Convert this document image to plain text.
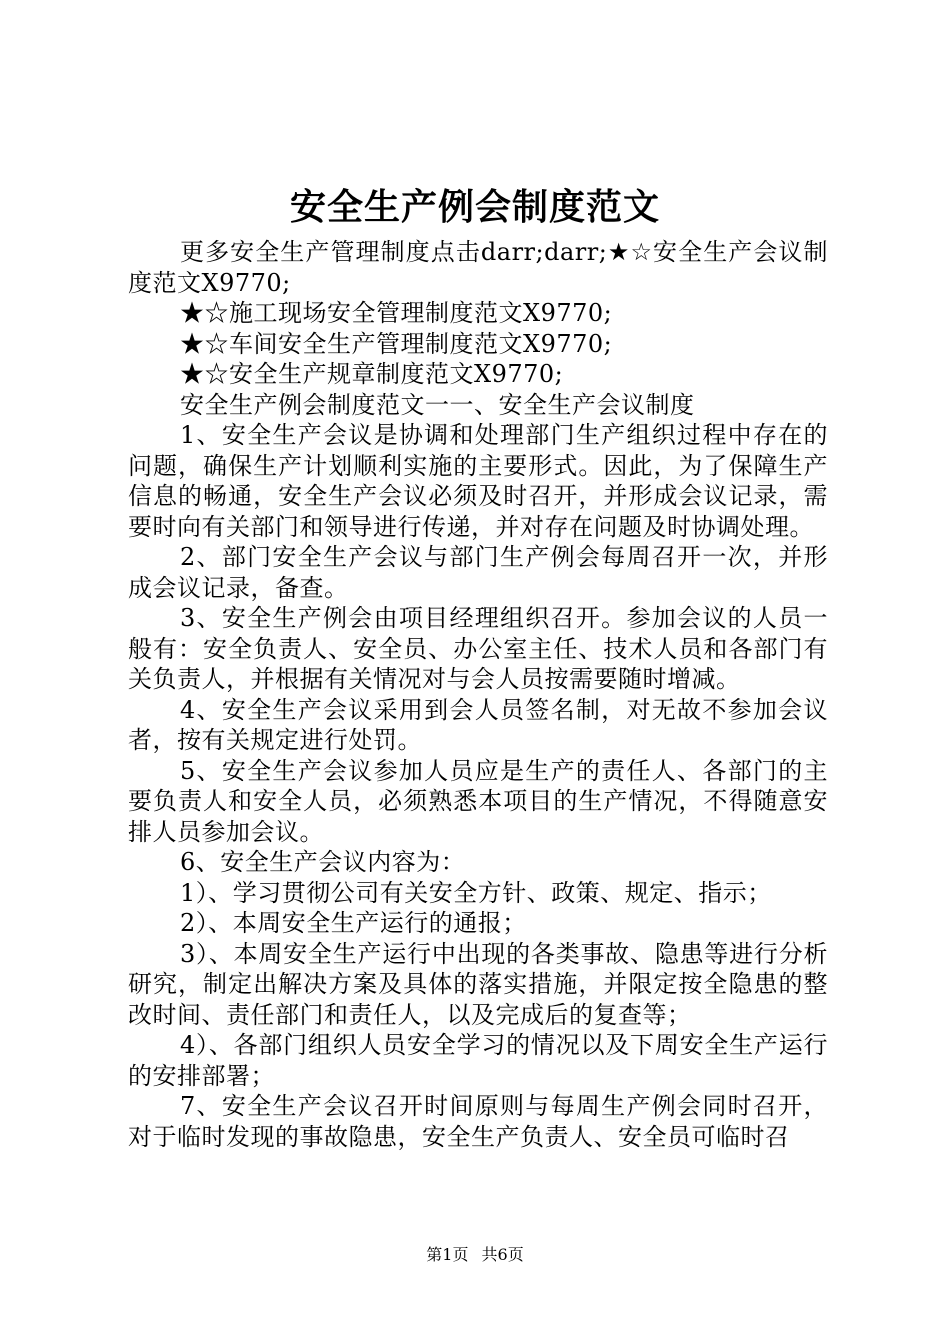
安全生产例会制度范文

更多安全生产管理制度点击darr;darr;★☆安全生产会议制度范文X9770;

★☆施工现场安全管理制度范文X9770;

★☆车间安全生产管理制度范文X9770;

★☆安全生产规章制度范文X9770;

安全生产例会制度范文一一、安全生产会议制度

1、安全生产会议是协调和处理部门生产组织过程中存在的问题，确保生产计划顺利实施的主要形式。因此，为了保障生产信息的畅通，安全生产会议必须及时召开，并形成会议记录，需要时向有关部门和领导进行传递，并对存在问题及时协调处理。

2、部门安全生产会议与部门生产例会每周召开一次，并形成会议记录，备查。

3、安全生产例会由项目经理组织召开。参加会议的人员一般有：安全负责人、安全员、办公室主任、技术人员和各部门有关负责人，并根据有关情况对与会人员按需要随时增减。

4、安全生产会议采用到会人员签名制，对无故不参加会议者，按有关规定进行处罚。

5、安全生产会议参加人员应是生产的责任人、各部门的主要负责人和安全人员，必须熟悉本项目的生产情况，不得随意安排人员参加会议。

6、安全生产会议内容为：

1）、学习贯彻公司有关安全方针、政策、规定、指示；

2）、本周安全生产运行的通报；

3）、本周安全生产运行中出现的各类事故、隐患等进行分析研究，制定出解决方案及具体的落实措施，并限定按全隐患的整改时间、责任部门和责任人，以及完成后的复查等；

4）、各部门组织人员安全学习的情况以及下周安全生产运行的安排部署；

7、安全生产会议召开时间原则与每周生产例会同时召开，对于临时发现的事故隐患，安全生产负责人、安全员可临时召

第1页 共6页
